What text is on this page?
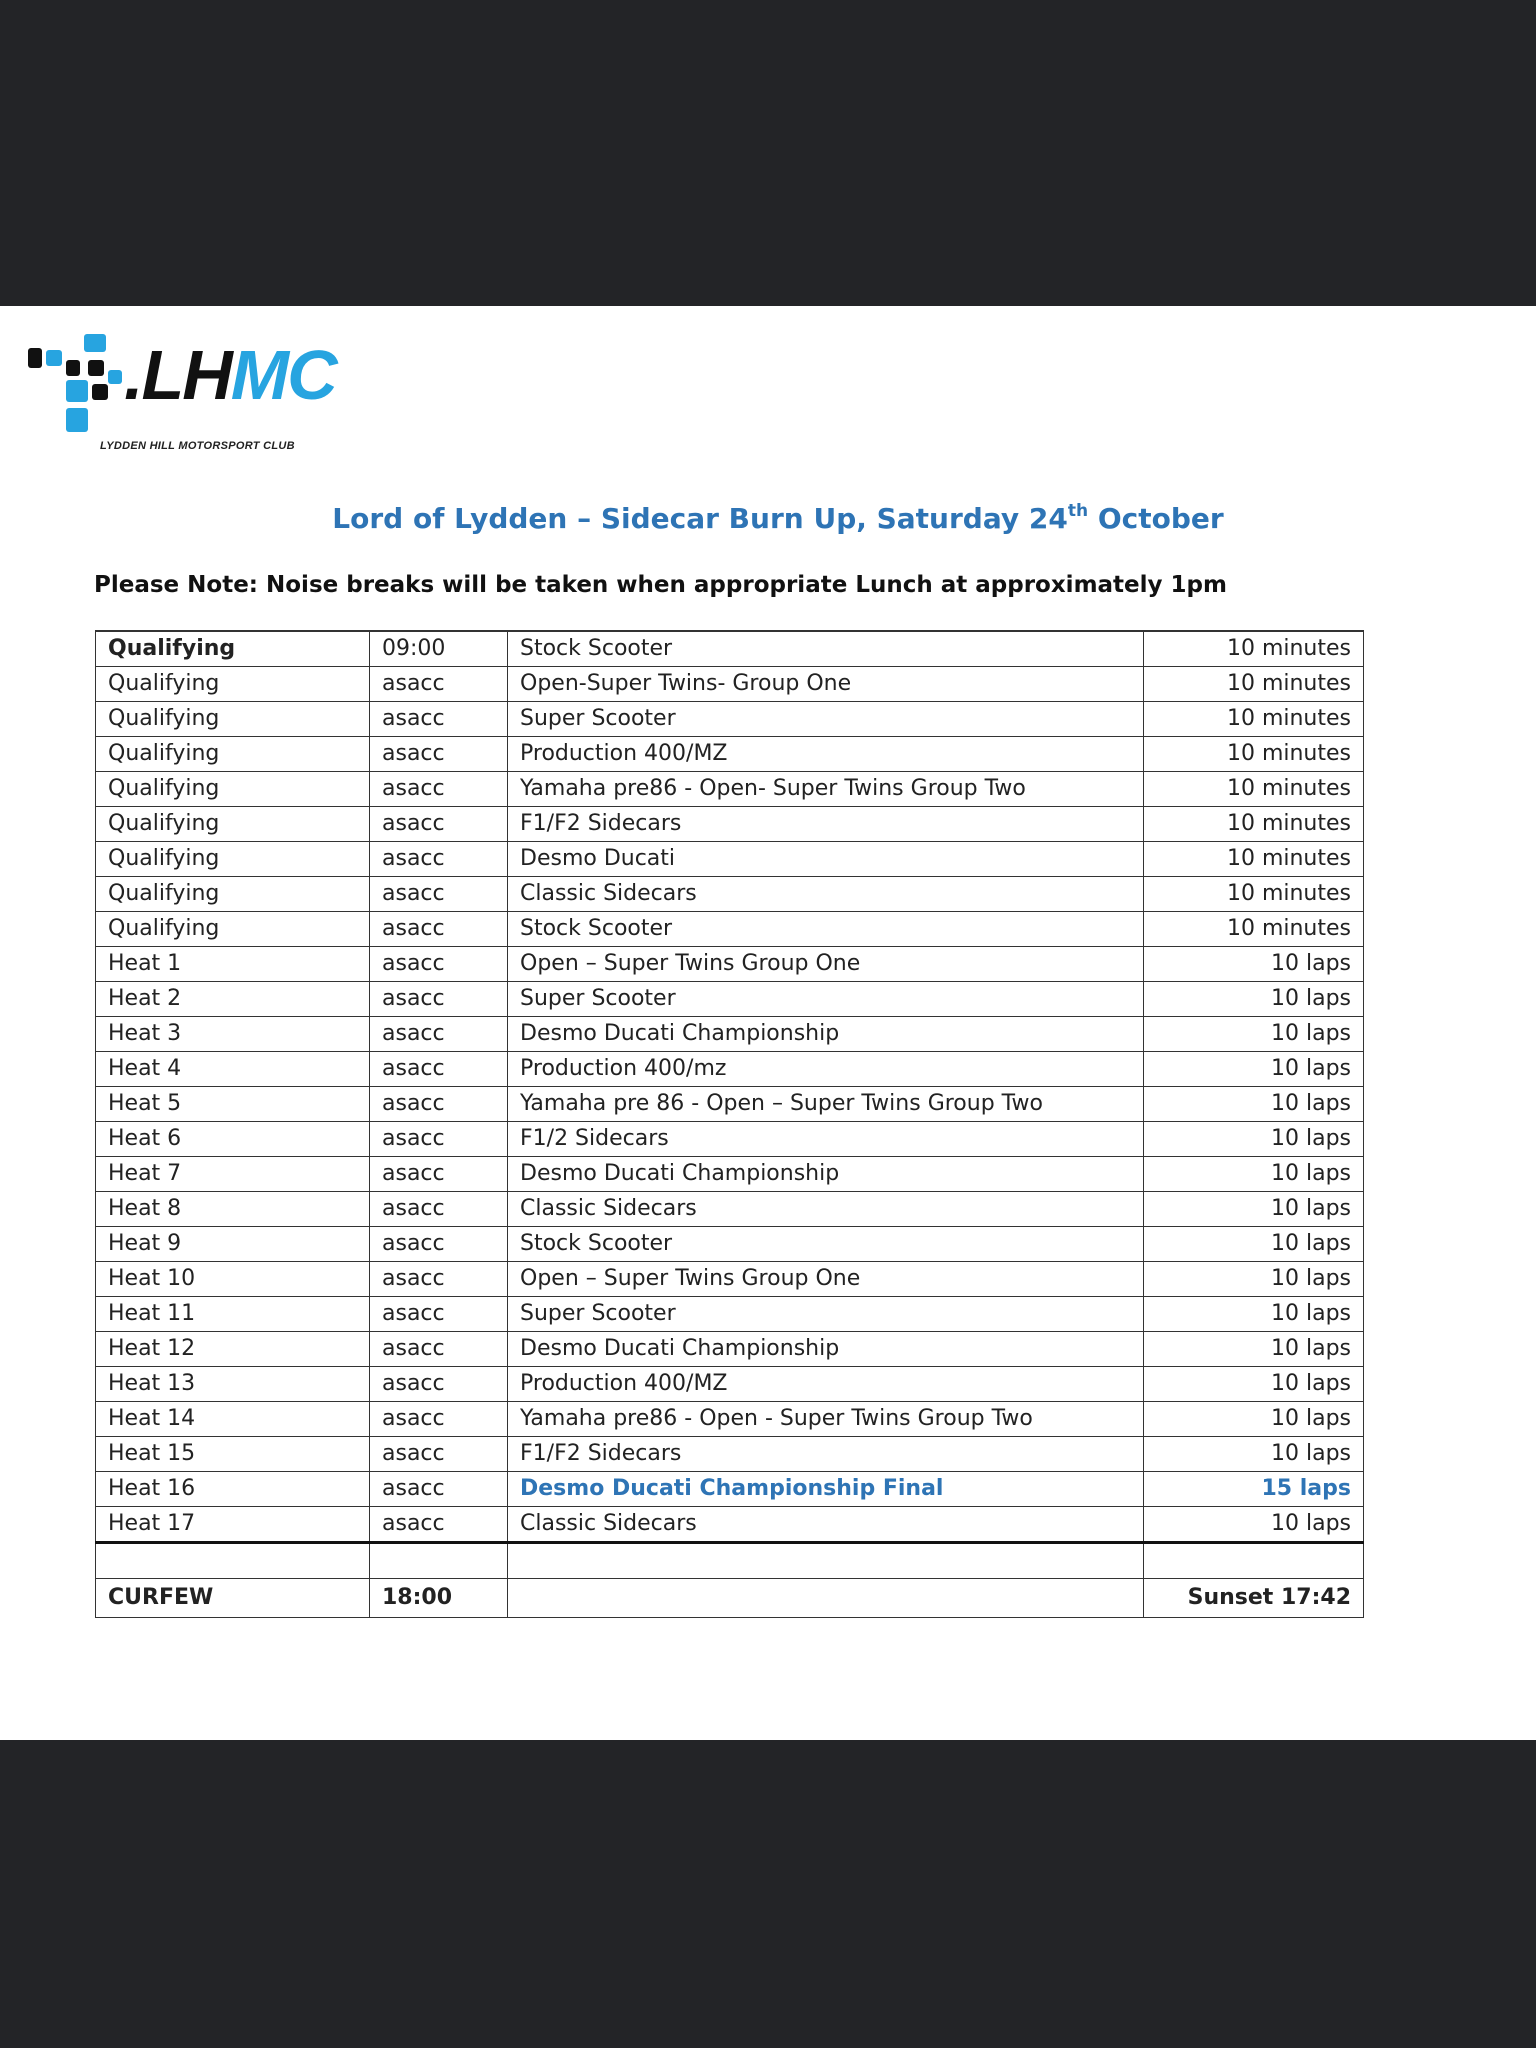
.LHMC
LYDDEN HILL MOTORSPORT CLUB
Lord of Lydden – Sidecar Burn Up, Saturday 24th October
Please Note: Noise breaks will be taken when appropriate Lunch at approximately 1pm
Qualifying	09:00	Stock Scooter	10 minutes
Qualifying	asacc	Open-Super Twins- Group One	10 minutes
Qualifying	asacc	Super Scooter	10 minutes
Qualifying	asacc	Production 400/MZ	10 minutes
Qualifying	asacc	Yamaha pre86 - Open- Super Twins Group Two	10 minutes
Qualifying	asacc	F1/F2 Sidecars	10 minutes
Qualifying	asacc	Desmo Ducati	10 minutes
Qualifying	asacc	Classic Sidecars	10 minutes
Qualifying	asacc	Stock Scooter	10 minutes
Heat 1	asacc	Open – Super Twins Group One	10 laps
Heat 2	asacc	Super Scooter	10 laps
Heat 3	asacc	Desmo Ducati Championship	10 laps
Heat 4	asacc	Production 400/mz	10 laps
Heat 5	asacc	Yamaha pre 86 - Open – Super Twins Group Two	10 laps
Heat 6	asacc	F1/2 Sidecars	10 laps
Heat 7	asacc	Desmo Ducati Championship	10 laps
Heat 8	asacc	Classic Sidecars	10 laps
Heat 9	asacc	Stock Scooter	10 laps
Heat 10	asacc	Open – Super Twins Group One	10 laps
Heat 11	asacc	Super Scooter	10 laps
Heat 12	asacc	Desmo Ducati Championship	10 laps
Heat 13	asacc	Production 400/MZ	10 laps
Heat 14	asacc	Yamaha pre86 - Open - Super Twins Group Two	10 laps
Heat 15	asacc	F1/F2 Sidecars	10 laps
Heat 16	asacc	Desmo Ducati Championship Final	15 laps
Heat 17	asacc	Classic Sidecars	10 laps

CURFEW	18:00		Sunset 17:42
